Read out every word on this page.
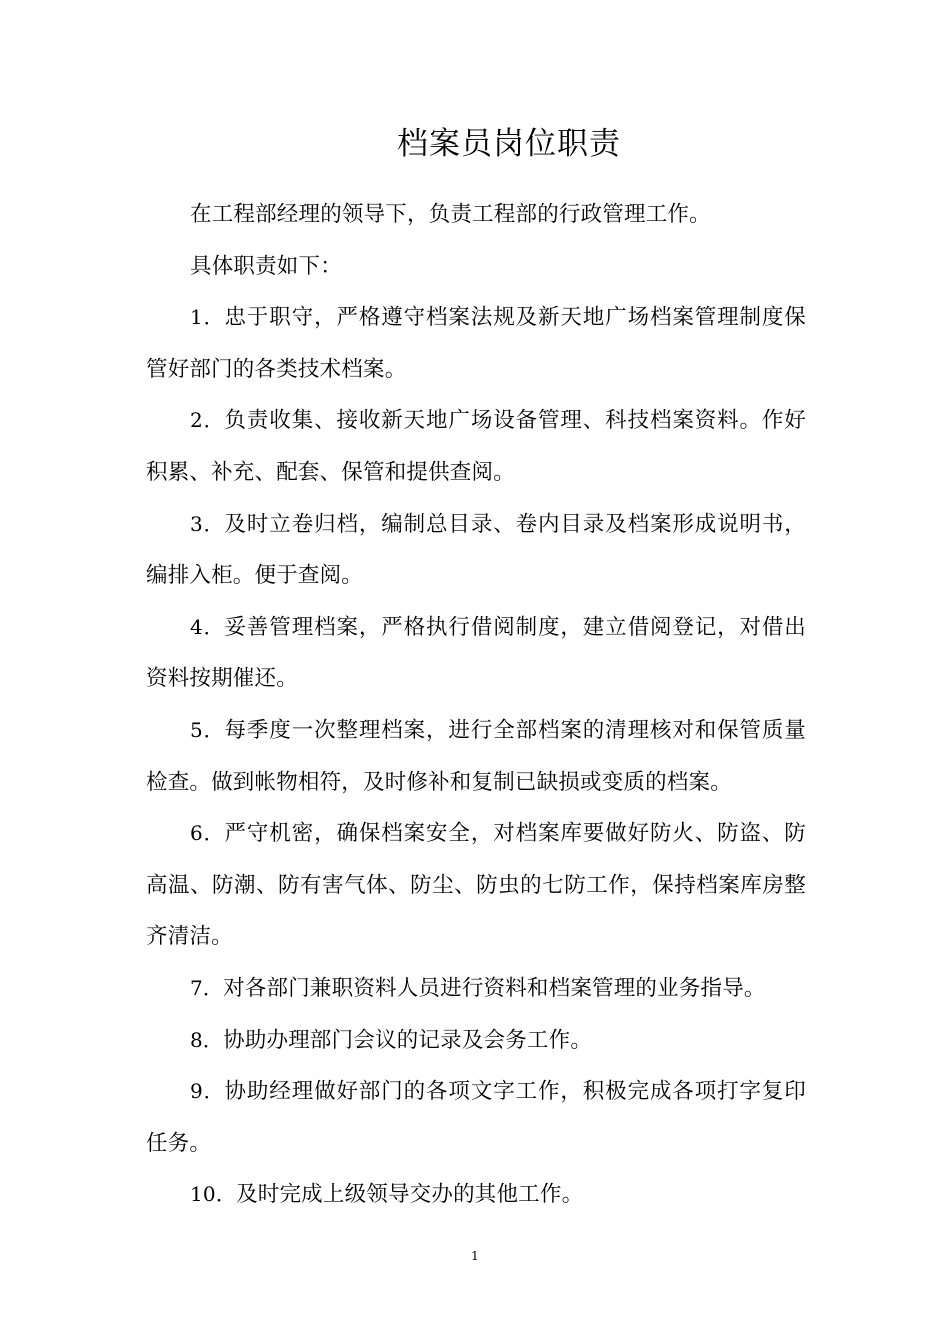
档案员岗位职责

在工程部经理的领导下，负责工程部的行政管理工作。

具体职责如下：

1．忠于职守，严格遵守档案法规及新天地广场档案管理制度保管好部门的各类技术档案。

2．负责收集、接收新天地广场设备管理、科技档案资料。作好积累、补充、配套、保管和提供查阅。

3．及时立卷归档，编制总目录、卷内目录及档案形成说明书，编排入柜。便于查阅。

4．妥善管理档案，严格执行借阅制度，建立借阅登记，对借出资料按期催还。

5．每季度一次整理档案，进行全部档案的清理核对和保管质量检查。做到帐物相符，及时修补和复制已缺损或变质的档案。

6．严守机密，确保档案安全，对档案库要做好防火、防盗、防高温、防潮、防有害气体、防尘、防虫的七防工作，保持档案库房整齐清洁。

7．对各部门兼职资料人员进行资料和档案管理的业务指导。

8．协助办理部门会议的记录及会务工作。

9．协助经理做好部门的各项文字工作，积极完成各项打字复印任务。

10．及时完成上级领导交办的其他工作。

1
